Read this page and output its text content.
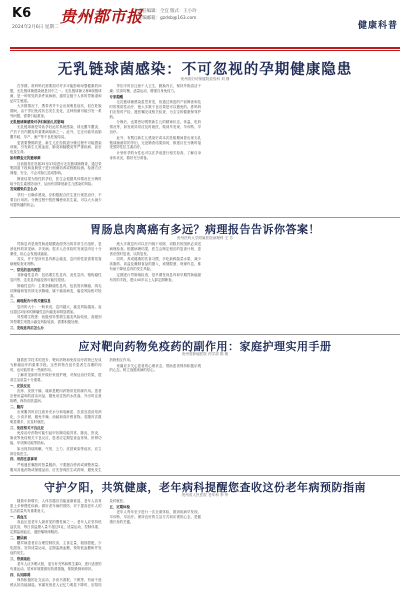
K6
2024年2月6日 星期二
贵州都市报
责任编辑：仝宜 版式：王小玲
主编邮箱：gzdsb@163.com
健康科普
无乳链球菌感染：不可忽视的孕期健康隐患
贵州省妇幼保健院检验科 刘 静

在孕期，准妈妈们需要面对许多可能影响母婴健康的问题，无乳链球菌感染就是其中之一。无乳链球菌又称B族链球菌，是一种常见的条件致病菌，通常定植于人体的胃肠道和泌尿生殖道。

大多数情况下，携带者并不会出现明显症状，但在妊娠期间，由于孕妇免疫状态发生变化，这种细菌可能引发一系列问题，需要引起重视。

无乳链球菌感染对孕妇和胎儿的影响

无乳链球菌是导致孕妇泌尿系统感染、绒毛膜羊膜炎、产后子宫内膜炎的重要病原菌之一。此外，它还可能导致胎膜早破、早产、流产等不良妊娠结局。

更需要警惕的是，新生儿在经阴道分娩过程中可能感染该菌，引发新生儿败血症、肺炎和脑膜炎等严重疾病，甚至危及生命。

如何筛查无乳链球菌

目前推荐在妊娠35至37周进行无乳链球菌筛查，通过采集阴道下段和直肠拭子进行细菌培养或核酸检测。检测方法简便、安全，不会对胎儿造成影响。

筛查结果为阳性的孕妇，医生会根据具体情况在分娩时给予抗生素预防治疗，从而有效降低新生儿感染的风险。

发现感染后怎么办

孕妇一旦确诊感染，应积极配合医生进行规范治疗，不要自行用药。分娩过程中按医嘱使用抗生素，可以大大减少母婴传播的机会。

孕妇平时应注意个人卫生，勤换内衣，保持外阴清洁干燥；饮食均衡，适量运动，增强自身免疫力。

专家提醒

无乳链球菌感染虽然常见，但通过规范的产前筛查和及时的预防性治疗，绝大多数不良后果是可以避免的。准妈妈们应按时产检，遵医嘱完成相关检查，为宝宝的健康保驾护航。

分娩后，也要密切观察新生儿的精神状态、体温、吃奶情况等，如发现异常应及时就医，做到早发现、早诊断、早治疗。

此外，有既往新生儿感染史或本次妊娠期间曾出现无乳链球菌菌尿的孕妇，无论筛查结果如何，都建议在分娩时接受预防性抗生素治疗。

计划怀孕的女性也可以在孕前进行相关检查，了解自身身体状况，做好充分准备。

胃肠息肉离癌有多远？病理报告告诉你答案！
贵州医科大学附属医院病理科 王 芳

胃肠息肉是指胃肠道黏膜表面突出的异常生长组织，是消化科的常见病、多发病。很多人在体检时发现息肉后十分紧张，担心会发展成癌症。

其实，并不是所有息肉都会癌变，息肉的性质需要依靠病理检查来判断。

一、常见的息肉类型

非肿瘤性息肉：包括增生性息肉、炎性息肉、错构瘤性息肉等，这类息肉癌变的可能性很低。

肿瘤性息肉：主要指腺瘤性息肉，包括管状腺瘤、绒毛状腺瘤和管状绒毛状腺瘤，属于癌前病变，癌变风险相对较高。

二、病理报告中的关键信息

息肉的大小：一般来说，息肉越大，癌变风险越高。直径超过2厘米的腺瘤性息肉癌变率明显增加。

异型增生程度：低级别异型增生癌变风险较低，高级别异型增生则提示癌变风险较高，需要积极处理。

三、发现息肉后怎么办

绝大多数息肉可以在内镜下切除，切除后的组织必须送病理检查。根据病理结果，医生会制定相应的复查计划，患者应按时复查，以防复发。

同时，养成健康的饮食习惯，多吃新鲜蔬菜水果，减少高脂肪、高盐及腌制食品的摄入，戒烟限酒，规律作息，都有助于降低息肉的发生风险。

定期进行胃肠镜检查，是早期发现息肉和早期胃肠癌最有效的手段，建议40岁以上人群定期筛查。

应对靶向药物免疫药的副作用：家庭护理实用手册
贵州省肿瘤医院 药学部 陈 敏

随着医学技术的进步，靶向药物和免疫治疗药物已经成为肿瘤治疗的重要手段。这些药物在延长患者生存期的同时，也可能带来一些副作用。

了解常见副作用并做好家庭护理，对保证治疗效果、提高生活质量十分重要。

一、皮肤反应

皮疹、皮肤干燥、瘙痒是靶向药物常见的副作用。患者应使用温和的清洁用品，避免用过热的水洗澡，外出时注意防晒，保持皮肤湿润。

二、腹泻

出现腹泻时应注意补充水分和电解质，饮食宜清淡易消化，少食多餐，避免辛辣、油腻和高纤维食物。若腹泻次数明显增多，应及时就医。

三、免疫相关不良反应

免疫治疗药物可能引起甲状腺功能异常、肺炎、肝炎、肠炎等免疫相关不良反应。患者应定期复查血常规、肝肾功能、甲状腺功能等指标。

如出现持续咳嗽、气短、乏力、皮肤黄染等症状，应立即告知医生。

四、用药注意事项

严格遵医嘱按时按量服药，不要擅自停药或调整剂量。服用其他药物或保健品前，应先咨询医生或药师，避免发生药物相互作用。

家属应多关心患者的心理状态，帮助患者保持积极乐观的心态，树立战胜疾病的信心。

守护夕阳，共筑健康，老年病科提醒您查收这份老年病预防指南
贵州省人民医院 老年科 李 华

随着年龄增长，人体各器官功能逐渐衰退，老年人容易患上多种慢性疾病。做好老年病的预防，对于提高老年人的生活质量具有重要意义。

一、高血压

高血压是老年人最常见的慢性病之一。老年人应坚持低盐饮食，每日食盐摄入量不超过5克，适量运动，控制体重，定期监测血压，遵医嘱规律服药。

二、糖尿病

糖尿病患者应合理控制饮食，主食定量，粗细搭配，少吃甜食。坚持适量运动，定期监测血糖，预防低血糖和并发症的发生。

三、骨质疏松

老年人应多晒太阳，适当补充钙和维生素D，进行适度的负重运动。居家环境要做好防滑措施，预防跌倒和骨折。

四、认知障碍

保持积极的社交活动，多读书看报、下棋等，有助于延缓认知功能减退。家属发现老人记忆力明显下降时，应陪同及时就医。

五、定期体检

老年人每年至少进行一次全面体检，做到疾病早发现、早诊断、早治疗。保持良好的生活方式和乐观的心态，是健康长寿的关键。
